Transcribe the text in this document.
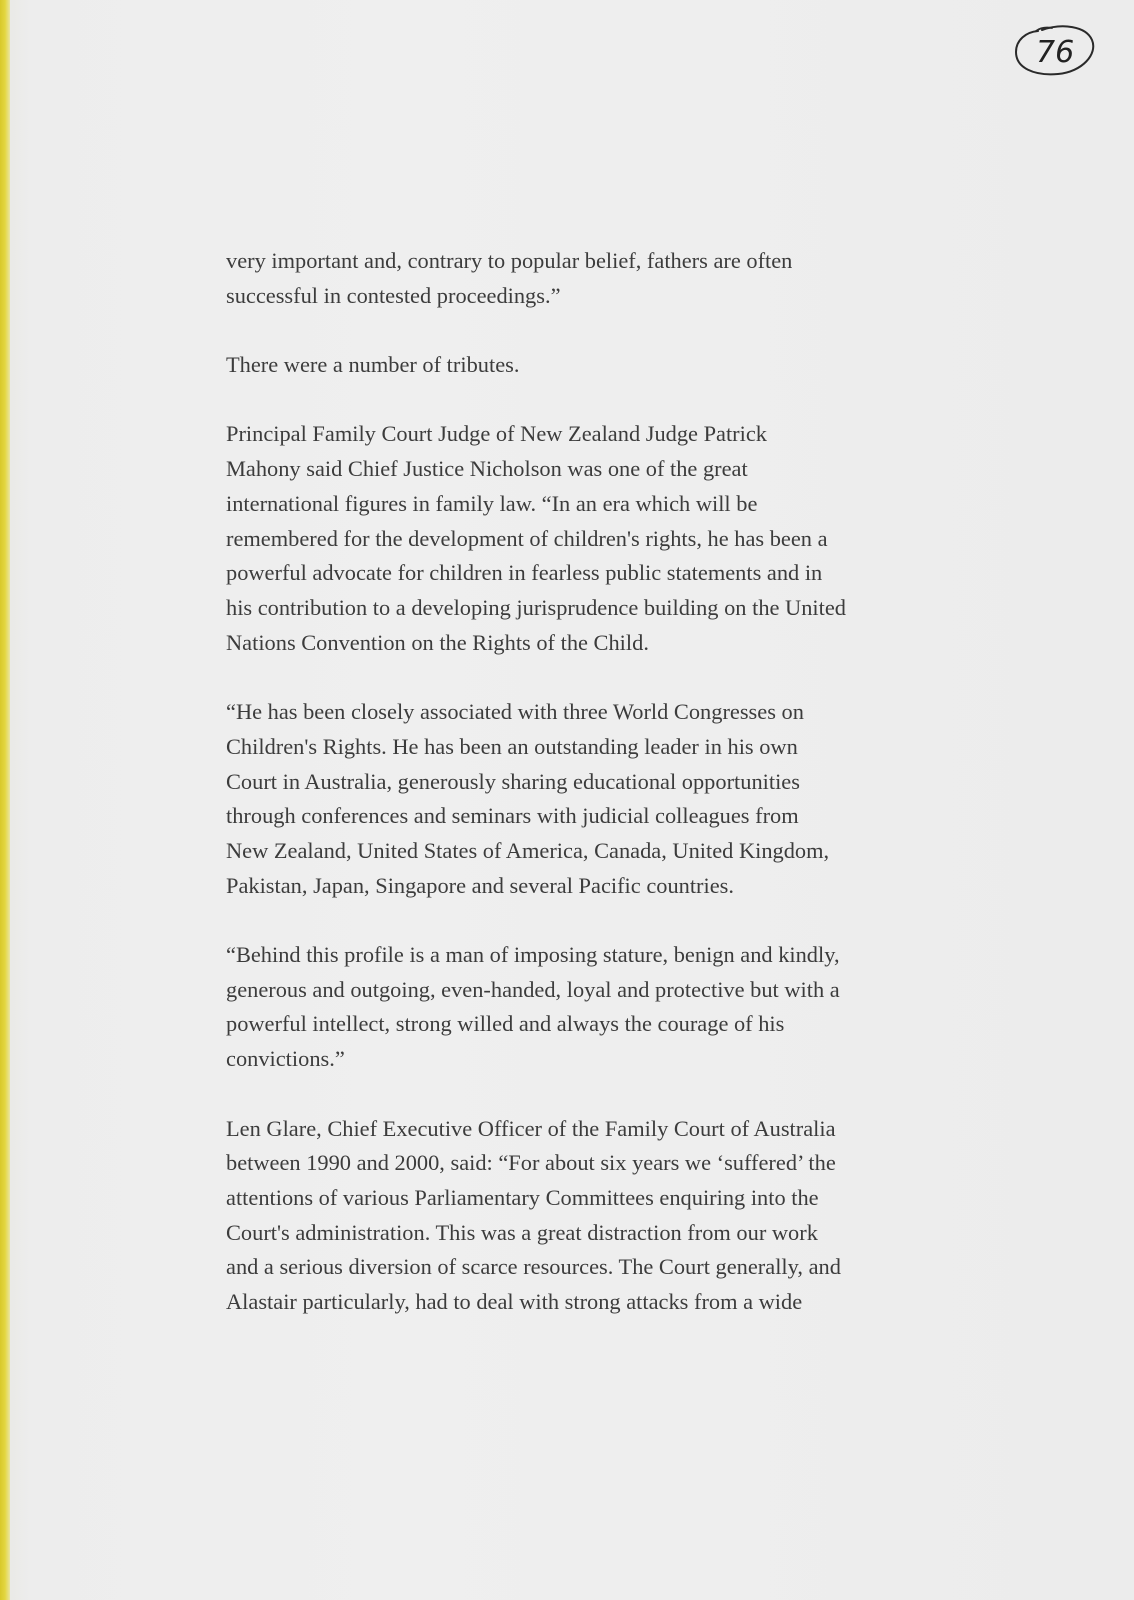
76

very important and, contrary to popular belief, fathers are often
successful in contested proceedings.”

There were a number of tributes.

Principal Family Court Judge of New Zealand Judge Patrick
Mahony said Chief Justice Nicholson was one of the great
international figures in family law. “In an era which will be
remembered for the development of children's rights, he has been a
powerful advocate for children in fearless public statements and in
his contribution to a developing jurisprudence building on the United
Nations Convention on the Rights of the Child.

“He has been closely associated with three World Congresses on
Children's Rights. He has been an outstanding leader in his own
Court in Australia, generously sharing educational opportunities
through conferences and seminars with judicial colleagues from
New Zealand, United States of America, Canada, United Kingdom,
Pakistan, Japan, Singapore and several Pacific countries.

“Behind this profile is a man of imposing stature, benign and kindly,
generous and outgoing, even-handed, loyal and protective but with a
powerful intellect, strong willed and always the courage of his
convictions.”

Len Glare, Chief Executive Officer of the Family Court of Australia
between 1990 and 2000, said: “For about six years we ‘suffered’ the
attentions of various Parliamentary Committees enquiring into the
Court's administration. This was a great distraction from our work
and a serious diversion of scarce resources. The Court generally, and
Alastair particularly, had to deal with strong attacks from a wide
